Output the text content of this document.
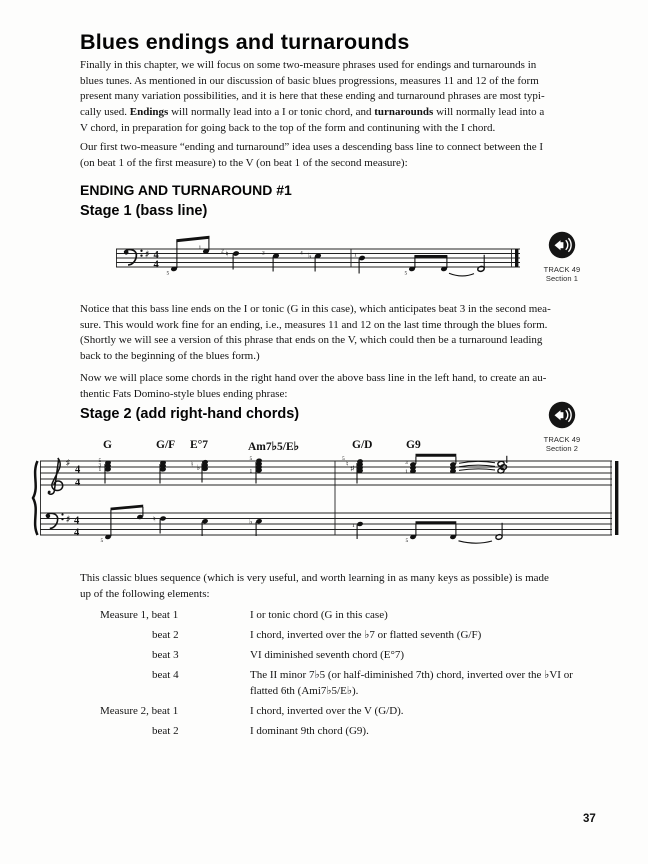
Blues endings and turnarounds
Finally in this chapter, we will focus on some two-measure phrases used for endings and turnarounds in
blues tunes. As mentioned in our discussion of basic blues progressions, measures 11 and 12 of the form
present many variation possibilities, and it is here that these ending and turnaround phrases are most typi-
cally used. Endings will normally lead into a I or tonic chord, and turnarounds will normally lead into a
V chord, in preparation for going back to the top of the form and continuning with the I chord.
Our first two-measure “ending and turnaround” idea uses a descending bass line to connect between the I
(on beat 1 of the first measure) to the V (on beat 1 of the second measure):
ENDING AND TURNAROUND #1
Stage 1 (bass line)
♯ 4
4
♮	♭
5
1
2	3	4	1
5	TRACK 49
Section 1
Notice that this bass line ends on the I or tonic (G in this case), which anticipates beat 3 in the second mea-
sure. This would work fine for an ending, i.e., measures 11 and 12 on the last time through the blues form.
(Shortly we will see a version of this phrase that ends on the V, which could then be a turnaround leading
back to the beginning of the blues form.)
Now we will place some chords in the right hand over the above bass line in the left hand, to create an au-
thentic Fats Domino-style blues ending phrase:
Stage 2 (add right-hand chords)
TRACK 49
Section 2
G	G/F E°7	Am7♭5/E♭	G/D	G9
♯
4
4
♯ 4
4
♮ ♭	♮
♯
5
3
1
5
1
5
3
1
♮	♭
5
1
5
This classic blues sequence (which is very useful, and worth learning in as many keys as possible) is made
up of the following elements:
Measure 1, beat 1	I or tonic chord (G in this case)
beat 2	I chord, inverted over the ♭7 or flatted seventh (G/F)
beat 3	VI diminished seventh chord (E°7)
beat 4	The II minor 7♭5 (or half-diminished 7th) chord, inverted over the ♭VI or
flatted 6th (Ami7♭5/E♭).
Measure 2, beat 1	I chord, inverted over the V (G/D).
beat 2	I dominant 9th chord (G9).
37
